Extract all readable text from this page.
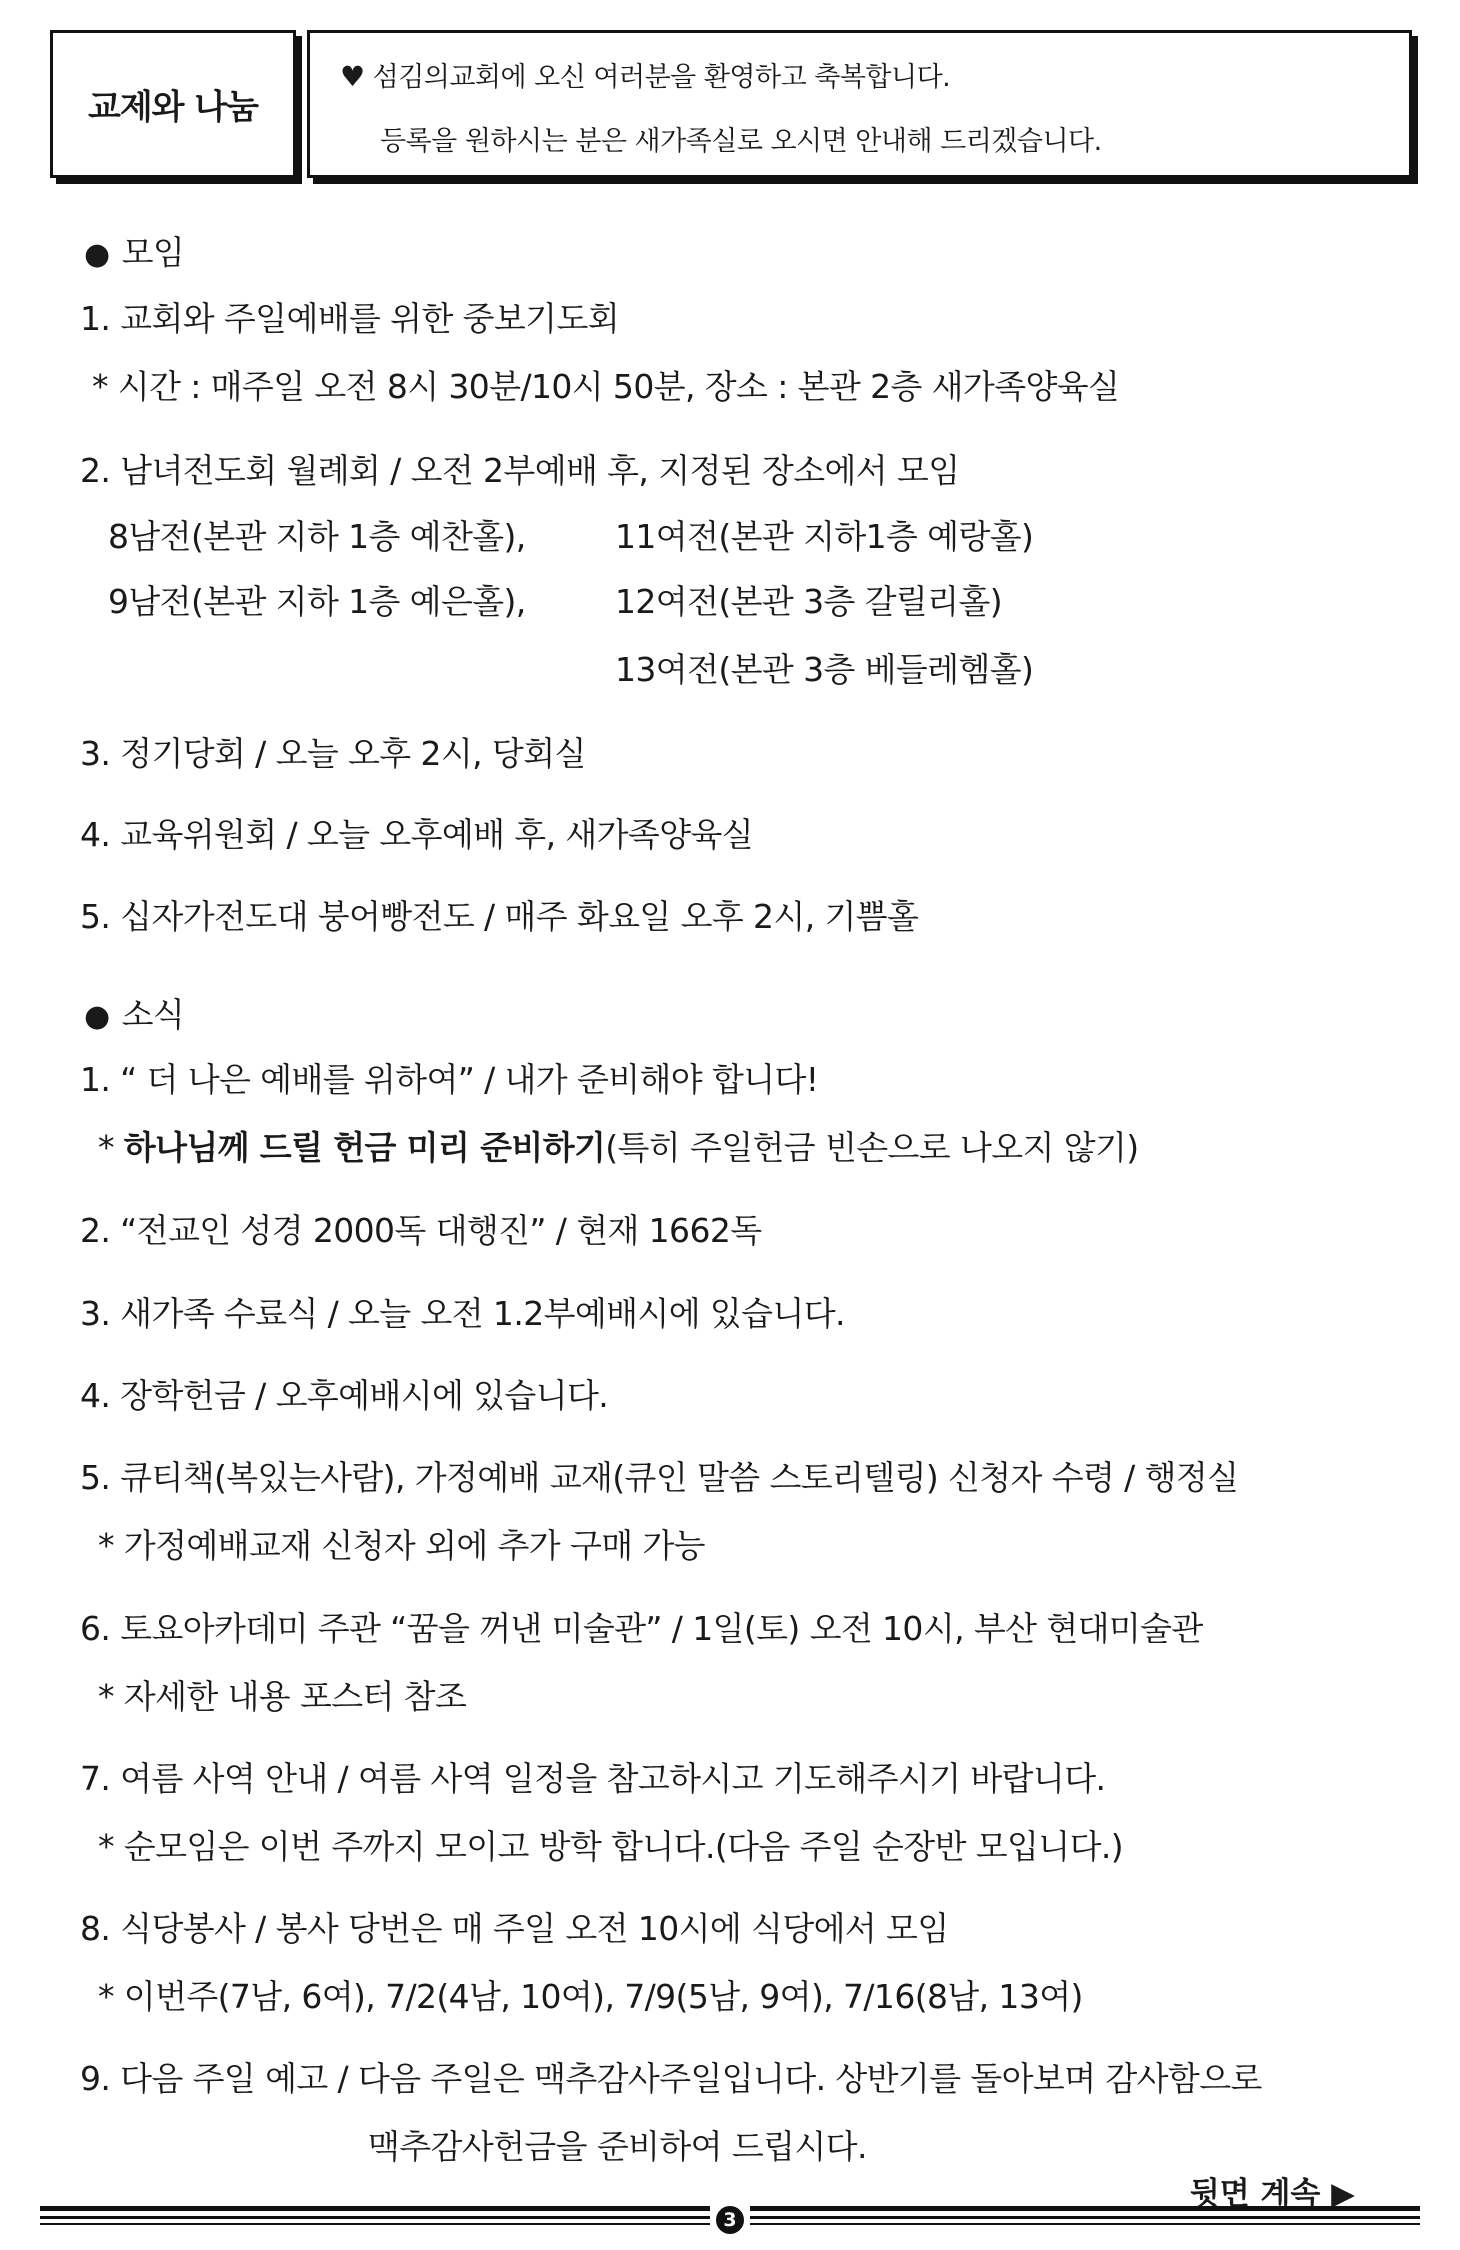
교제와 나눔
♥ 섬김의교회에 오신 여러분을 환영하고 축복합니다.
등록을 원하시는 분은 새가족실로 오시면 안내해 드리겠습니다.
● 모임
1. 교회와 주일예배를 위한 중보기도회
* 시간 : 매주일 오전 8시 30분/10시 50분, 장소 : 본관 2층 새가족양육실
2. 남녀전도회 월례회 / 오전 2부예배 후, 지정된 장소에서 모임
8남전(본관 지하 1층 예찬홀),	11여전(본관 지하1층 예랑홀)
9남전(본관 지하 1층 예은홀),	12여전(본관 3층 갈릴리홀)
13여전(본관 3층 베들레헴홀)
3. 정기당회 / 오늘 오후 2시, 당회실
4. 교육위원회 / 오늘 오후예배 후, 새가족양육실
5. 십자가전도대 붕어빵전도 / 매주 화요일 오후 2시, 기쁨홀
● 소식
1. “ 더 나은 예배를 위하여” / 내가 준비해야 합니다!
* 하나님께 드릴 헌금 미리 준비하기(특히 주일헌금 빈손으로 나오지 않기)
2. “전교인 성경 2000독 대행진” / 현재 1662독
3. 새가족 수료식 / 오늘 오전 1.2부예배시에 있습니다.
4. 장학헌금 / 오후예배시에 있습니다.
5. 큐티책(복있는사람), 가정예배 교재(큐인 말씀 스토리텔링) 신청자 수령 / 행정실
* 가정예배교재 신청자 외에 추가 구매 가능
6. 토요아카데미 주관 “꿈을 꺼낸 미술관” / 1일(토) 오전 10시, 부산 현대미술관
* 자세한 내용 포스터 참조
7. 여름 사역 안내 / 여름 사역 일정을 참고하시고 기도해주시기 바랍니다.
* 순모임은 이번 주까지 모이고 방학 합니다.(다음 주일 순장반 모입니다.)
8. 식당봉사 / 봉사 당번은 매 주일 오전 10시에 식당에서 모임
* 이번주(7남, 6여), 7/2(4남, 10여), 7/9(5남, 9여), 7/16(8남, 13여)
9. 다음 주일 예고 / 다음 주일은 맥추감사주일입니다. 상반기를 돌아보며 감사함으로
맥추감사헌금을 준비하여 드립시다.
뒷면 계속 ▶
3
